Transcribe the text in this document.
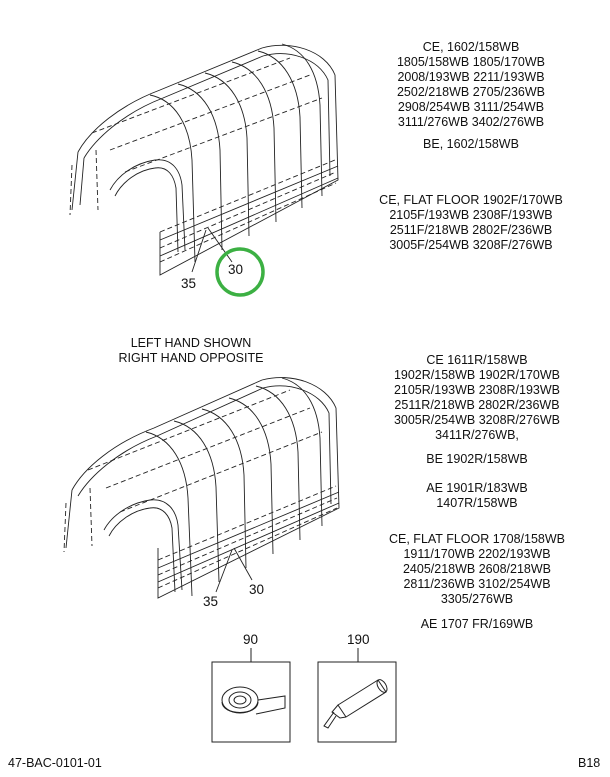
30
35
30
35
90	190
CE, 1602/158WB
1805/158WB 1805/170WB
2008/193WB 2211/193WB
2502/218WB 2705/236WB
2908/254WB 3111/254WB
3111/276WB 3402/276WB
BE, 1602/158WB
CE, FLAT FLOOR 1902F/170WB
2105F/193WB 2308F/193WB
2511F/218WB 2802F/236WB
3005F/254WB 3208F/276WB
LEFT HAND SHOWN
RIGHT HAND OPPOSITE	CE 1611R/158WB
1902R/158WB 1902R/170WB
2105R/193WB 2308R/193WB
2511R/218WB 2802R/236WB
3005R/254WB 3208R/276WB
3411R/276WB,
BE 1902R/158WB
AE 1901R/183WB
1407R/158WB
CE, FLAT FLOOR 1708/158WB
1911/170WB 2202/193WB
2405/218WB 2608/218WB
2811/236WB 3102/254WB
3305/276WB
AE 1707 FR/169WB
47-BAC-0101-01	B18
